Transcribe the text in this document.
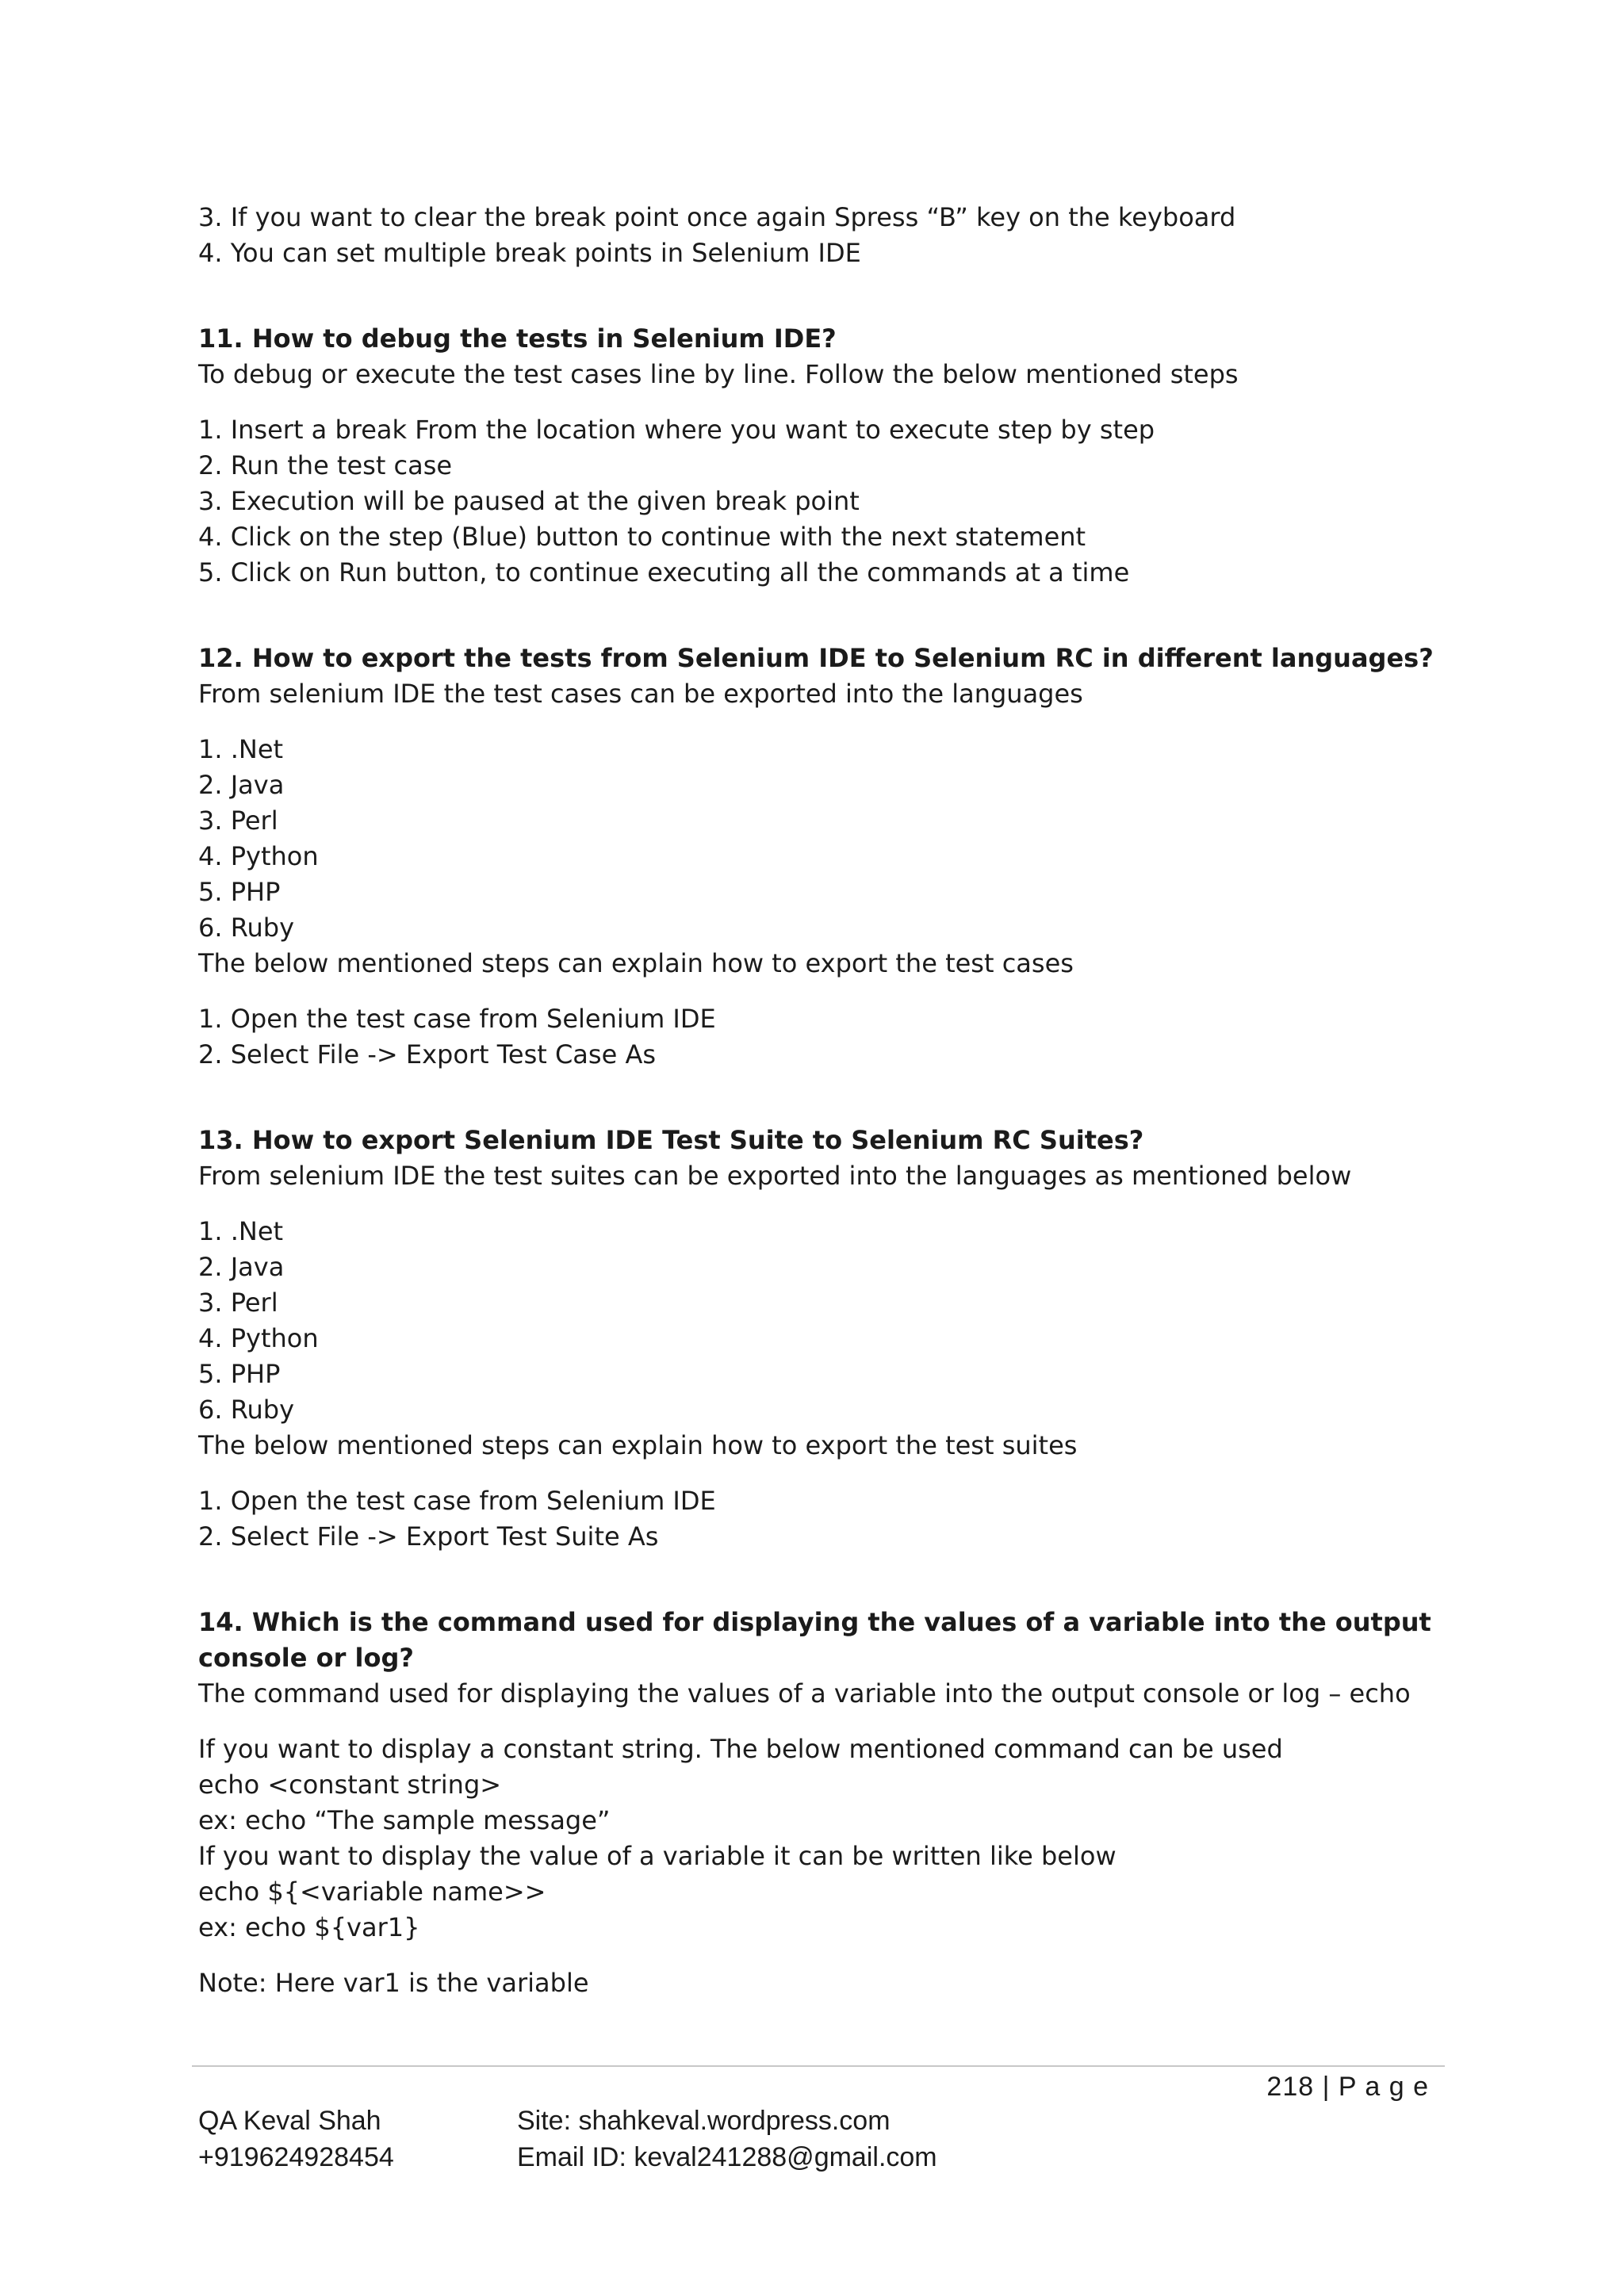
3. If you want to clear the break point once again Spress “B” key on the keyboard

4. You can set multiple break points in Selenium IDE

11. How to debug the tests in Selenium IDE?

To debug or execute the test cases line by line. Follow the below mentioned steps

1. Insert a break From the location where you want to execute step by step

2. Run the test case

3. Execution will be paused at the given break point

4. Click on the step (Blue) button to continue with the next statement

5. Click on Run button, to continue executing all the commands at a time

12. How to export the tests from Selenium IDE to Selenium RC in different languages?

From selenium IDE the test cases can be exported into the languages

1. .Net

2. Java

3. Perl

4. Python

5. PHP

6. Ruby

The below mentioned steps can explain how to export the test cases

1. Open the test case from Selenium IDE

2. Select File -> Export Test Case As

13. How to export Selenium IDE Test Suite to Selenium RC Suites?

From selenium IDE the test suites can be exported into the languages as mentioned below

1. .Net

2. Java

3. Perl

4. Python

5. PHP

6. Ruby

The below mentioned steps can explain how to export the test suites

1. Open the test case from Selenium IDE

2. Select File -> Export Test Suite As

14. Which is the command used for displaying the values of a variable into the output console or log?

The command used for displaying the values of a variable into the output console or log – echo

If you want to display a constant string. The below mentioned command can be used

echo <constant string>

ex: echo “The sample message”

If you want to display the value of a variable it can be written like below

echo ${<variable name>>

ex: echo ${var1}

Note: Here var1 is the variable

218 | P a g e

QA Keval Shah

+919624928454

Site: shahkeval.wordpress.com

Email ID: keval241288@gmail.com
